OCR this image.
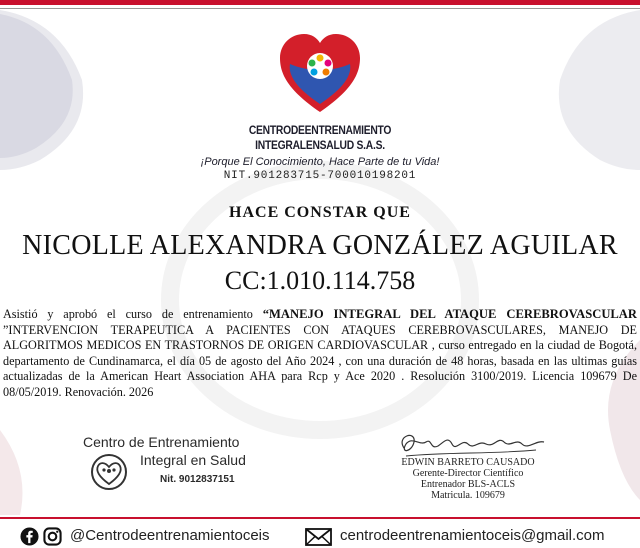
CENTRODEENTRENAMIENTO
INTEGRALENSALUD S.A.S.
¡Porque El Conocimiento, Hace Parte de tu Vida!
NIT.901283715-700010198201
HACE CONSTAR QUE
NICOLLE ALEXANDRA GONZÁLEZ AGUILAR
CC:1.010.114.758
Asistió y aprobó el curso de entrenamiento “MANEJO INTEGRAL DEL ATAQUE CEREBROVASCULAR ”INTERVENCION TERAPEUTICA A PACIENTES CON ATAQUES CEREBROVASCULARES, MANEJO DE ALGORITMOS MEDICOS EN TRASTORNOS DE ORIGEN CARDIOVASCULAR , curso entregado en la ciudad de Bogotá, departamento de Cundinamarca, el día 05 de agosto del Año 2024 , con una duración de 48 horas, basada en las ultimas guías actualizadas de la American Heart Association AHA para Rcp y Ace 2020 . Resolución 3100/2019. Licencia 109679 De 08/05/2019. Renovación. 2026
Centro de Entrenamiento
Integral en Salud
Nit. 9012837151
EDWIN BARRETO CAUSADO
Gerente-Director Científico
Entrenador BLS-ACLS
Matricula. 109679
@Centrodeentrenamientoceis	centrodeentrenamientoceis@gmail.com
